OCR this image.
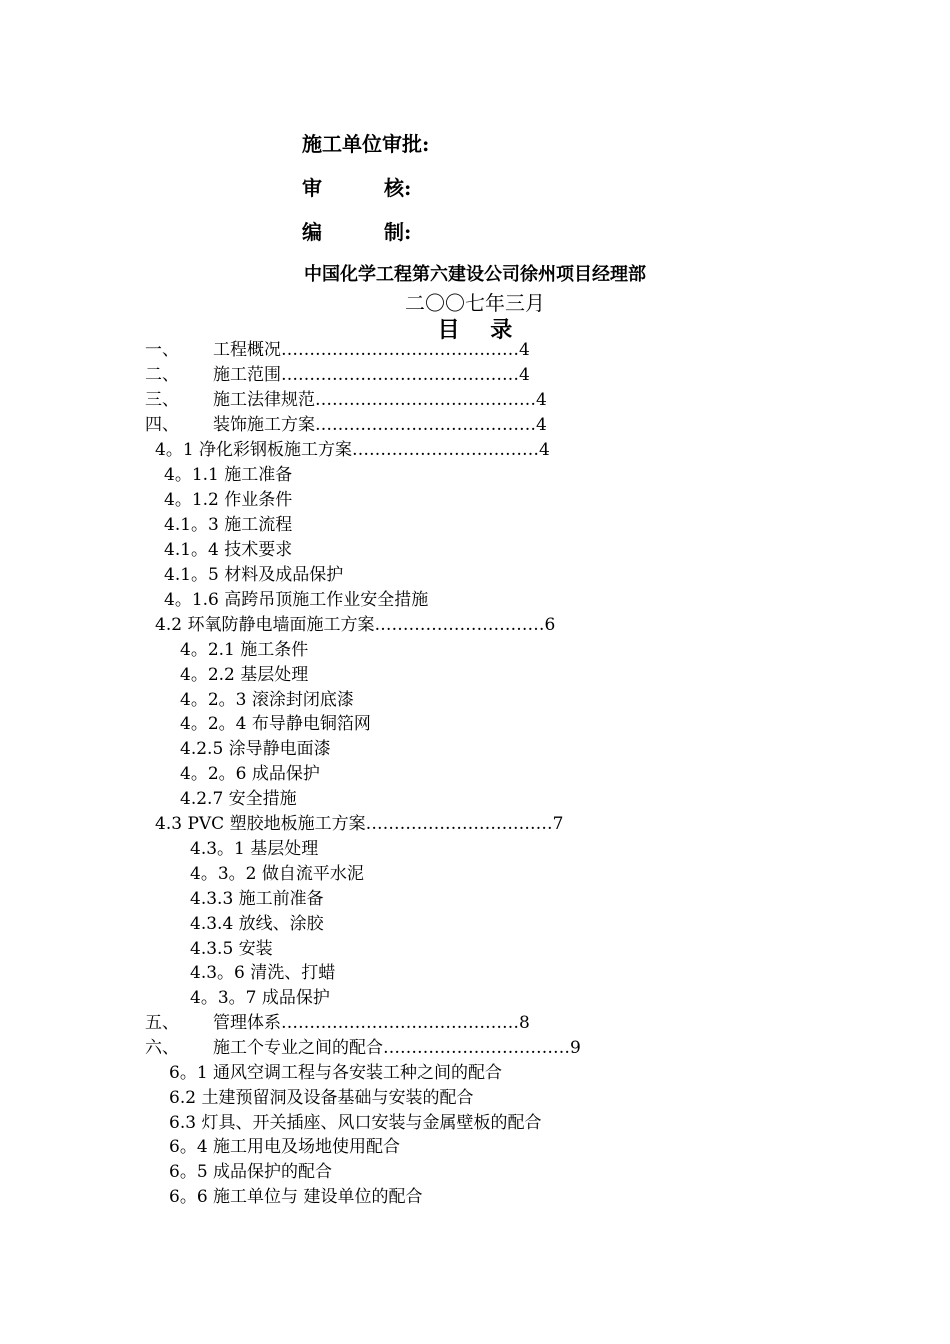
施工单位审批:
审	核:
编	制:
中国化学工程第六建设公司徐州项目经理部
二〇〇七年三月
目    录
一、 工程概况……………………………………4
二、 施工范围……………………………………4
三、 施工法律规范…………………………………4
四、 装饰施工方案…………………………………4
4。1 净化彩钢板施工方案……………………………4
4。1.1 施工准备
4。1.2 作业条件
4.1。3 施工流程
4.1。4 技术要求
4.1。5 材料及成品保护
4。1.6 高跨吊顶施工作业安全措施
4.2 环氧防静电墙面施工方案…………………………6
4。2.1 施工条件
4。2.2 基层处理
4。2。3 滚涂封闭底漆
4。2。4 布导静电铜箔网
4.2.5 涂导静电面漆
4。2。6 成品保护
4.2.7 安全措施
4.3 PVC 塑胶地板施工方案……………………………7
4.3。1 基层处理
4。3。2 做自流平水泥
4.3.3 施工前准备
4.3.4 放线、涂胶
4.3.5 安装
4.3。6 清洗、打蜡
4。3。7 成品保护
五、 管理体系……………………………………8
六、 施工个专业之间的配合……………………………9
6。1 通风空调工程与各安装工种之间的配合
6.2 土建预留洞及设备基础与安装的配合
6.3 灯具、开关插座、风口安装与金属壁板的配合
6。4 施工用电及场地使用配合
6。5 成品保护的配合
6。6 施工单位与 建设单位的配合
